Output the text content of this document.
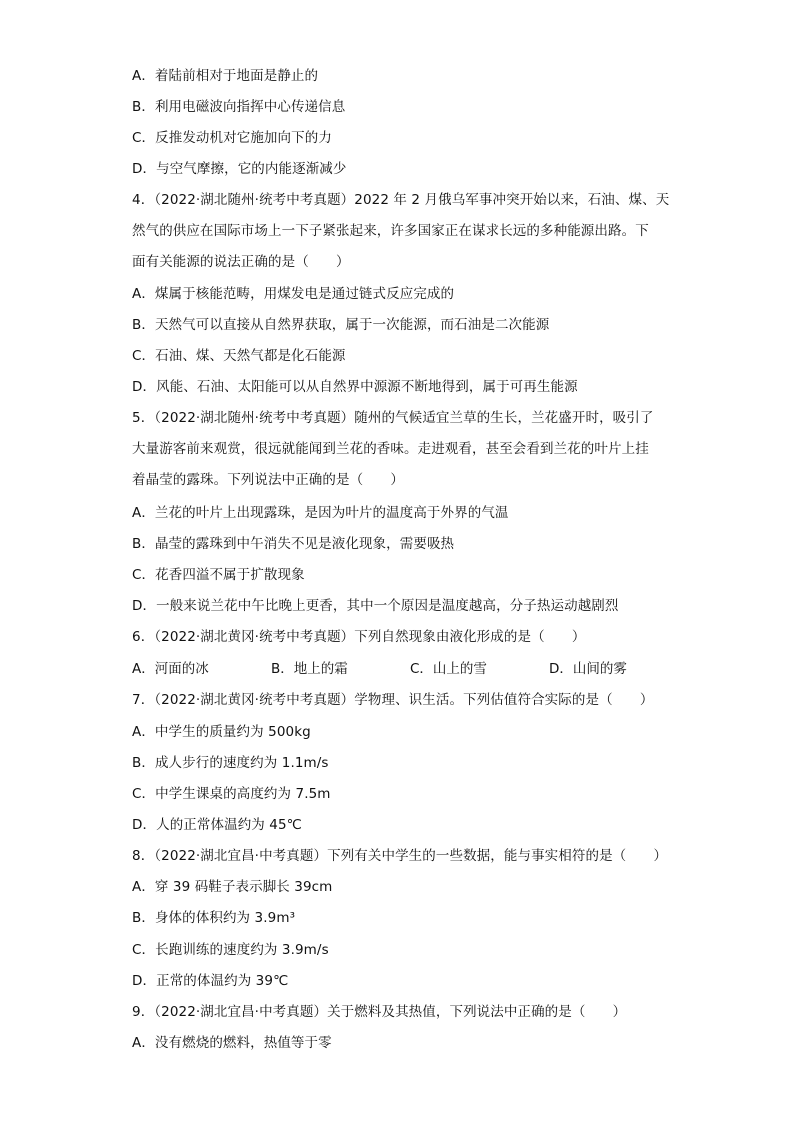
A．着陆前相对于地面是静止的
B．利用电磁波向指挥中心传递信息
C．反推发动机对它施加向下的力
D．与空气摩擦，它的内能逐渐减少
4．（2022·湖北随州·统考中考真题）2022 年 2 月俄乌军事冲突开始以来，石油、煤、天
然气的供应在国际市场上一下子紧张起来，许多国家正在谋求长远的多种能源出路。下
面有关能源的说法正确的是（　　）
A．煤属于核能范畴，用煤发电是通过链式反应完成的
B．天然气可以直接从自然界获取，属于一次能源，而石油是二次能源
C．石油、煤、天然气都是化石能源
D．风能、石油、太阳能可以从自然界中源源不断地得到，属于可再生能源
5．（2022·湖北随州·统考中考真题）随州的气候适宜兰草的生长，兰花盛开时，吸引了
大量游客前来观赏，很远就能闻到兰花的香味。走进观看，甚至会看到兰花的叶片上挂
着晶莹的露珠。下列说法中正确的是（　　）
A．兰花的叶片上出现露珠，是因为叶片的温度高于外界的气温
B．晶莹的露珠到中午消失不见是液化现象，需要吸热
C．花香四溢不属于扩散现象
D．一般来说兰花中午比晚上更香，其中一个原因是温度越高，分子热运动越剧烈
6．（2022·湖北黄冈·统考中考真题）下列自然现象由液化形成的是（　　）
A．河面的冰	B．地上的霜	C．山上的雪	D．山间的雾
7．（2022·湖北黄冈·统考中考真题）学物理、识生活。下列估值符合实际的是（　　）
A．中学生的质量约为 500kg
B．成人步行的速度约为 1.1m/s
C．中学生课桌的高度约为 7.5m
D．人的正常体温约为 45℃
8．（2022·湖北宜昌·中考真题）下列有关中学生的一些数据，能与事实相符的是（　　）
A．穿 39 码鞋子表示脚长 39cm
B．身体的体积约为 3.9m³
C．长跑训练的速度约为 3.9m/s
D．正常的体温约为 39℃
9．（2022·湖北宜昌·中考真题）关于燃料及其热值，下列说法中正确的是（　　）
A．没有燃烧的燃料，热值等于零
